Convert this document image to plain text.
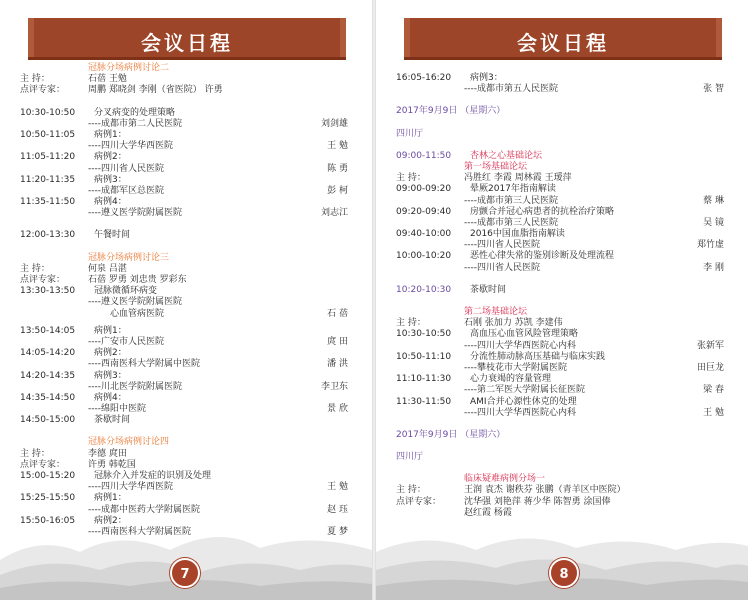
会议日程
冠脉分场病例讨论二
主 持：	石蓓 王勉
点评专家：	周鹏 郑晓剑 李刚（省医院） 许勇
10:30-10:50 分叉病变的处理策略
----成都市第二人民医院	刘剑雄
10:50-11:05 病例1：
----四川大学华西医院	王 勉
11:05-11:20 病例2：
----四川省人民医院	陈 勇
11:20-11:35 病例3：
----成都军区总医院	彭 柯
11:35-11:50 病例4：
----遵义医学院附属医院	刘志江
12:00-13:30 午餐时间
冠脉分场病例讨论三
主 持：	何泉 吕湛
点评专家：	石蓓 罗勇 刘忠贵 罗彩东
13:30-13:50 冠脉微循环病变
----遵义医学院附属医院
心血管病医院	石 蓓
13:50-14:05 病例1：
----广安市人民医院	庹 田
14:05-14:20 病例2：
----西南医科大学附属中医院	潘 洪
14:20-14:35 病例3：
----川北医学院附属医院	李卫东
14:35-14:50 病例4：
----绵阳中医院	景 欣
14:50-15:00 茶歇时间
冠脉分场病例讨论四
主 持：	李德 庹田
点评专家：	许勇 韩乾国
15:00-15:20 冠脉介入并发症的识别及处理
----四川大学华西医院	王 勉
15:25-15:50 病例1：
----成都中医药大学附属医院	赵 珏
15:50-16:05 病例2：
----西南医科大学附属医院	夏 梦
7
会议日程
16:05-16:20 病例3：
----成都市第五人民医院	张 智
2017年9月9日 （星期六）
四川厅
09:00-11:50 杏林之心基础论坛
第一场基础论坛
主 持：	冯胜红 李霞 周林霞 王瑷萍
09:00-09:20 晕厥2017年指南解读
----成都市第三人民医院	蔡 琳
09:20-09:40 房颤合并冠心病患者的抗栓治疗策略
----成都市第三人民医院	吴 镜
09:40-10:00 2016中国血脂指南解读
----四川省人民医院	郑竹虚
10:00-10:20 恶性心律失常的鉴别诊断及处理流程
----四川省人民医院	李 刚
10:20-10:30 茶歇时间
第二场基础论坛
主 持：	石刚 张加力 苏凯 李建伟
10:30-10:50 高血压心血管风险管理策略
----四川大学华西医院心内科	张新军
10:50-11:10 分流性肺动脉高压基础与临床实践
----攀枝花市大学附属医院	田巨龙
11:10-11:30 心力衰竭的容量管理
----第二军医大学附属长征医院	梁 春
11:30-11:50 AMI合并心源性休克的处理
----四川大学华西医院心内科	王 勉
2017年9月9日 （星期六）
四川厅
临床疑难病例分场一
主 持：	王润 袁杰 谢秩芬 张鹏（青羊区中医院）
点评专家：	沈华强 刘艳萍 蒋少华 陈智勇 涂国俸
赵红霞 杨霞
8
